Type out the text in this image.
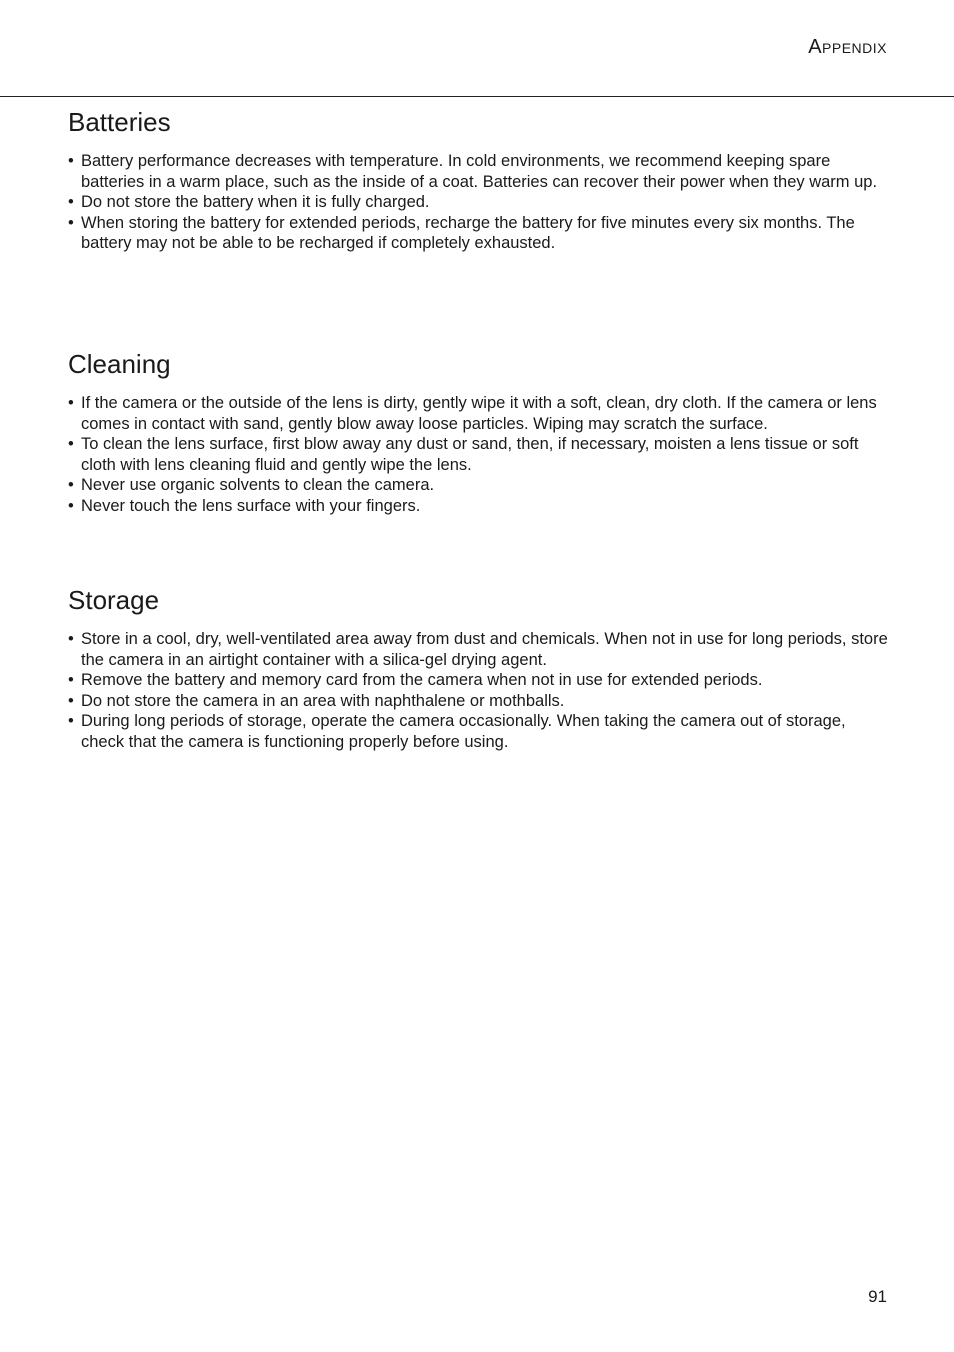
Appendix
Batteries
• Battery performance decreases with temperature. In cold environments, we recommend keeping spare batteries in a warm place, such as the inside of a coat. Batteries can recover their power when they warm up.
• Do not store the battery when it is fully charged.
• When storing the battery for extended periods, recharge the battery for five minutes every six months. The battery may not be able to be recharged if completely exhausted.
Cleaning
• If the camera or the outside of the lens is dirty, gently wipe it with a soft, clean, dry cloth. If the camera or lens comes in contact with sand, gently blow away loose particles. Wiping may scratch the surface.
• To clean the lens surface, first blow away any dust or sand, then, if necessary, moisten a lens tissue or soft cloth with lens cleaning fluid and gently wipe the lens.
• Never use organic solvents to clean the camera.
• Never touch the lens surface with your fingers.
Storage
• Store in a cool, dry, well-ventilated area away from dust and chemicals. When not in use for long periods, store the camera in an airtight container with a silica-gel drying agent.
• Remove the battery and memory card from the camera when not in use for extended periods.
• Do not store the camera in an area with naphthalene or mothballs.
• During long periods of storage, operate the camera occasionally. When taking the camera out of storage, check that the camera is functioning properly before using.
91
